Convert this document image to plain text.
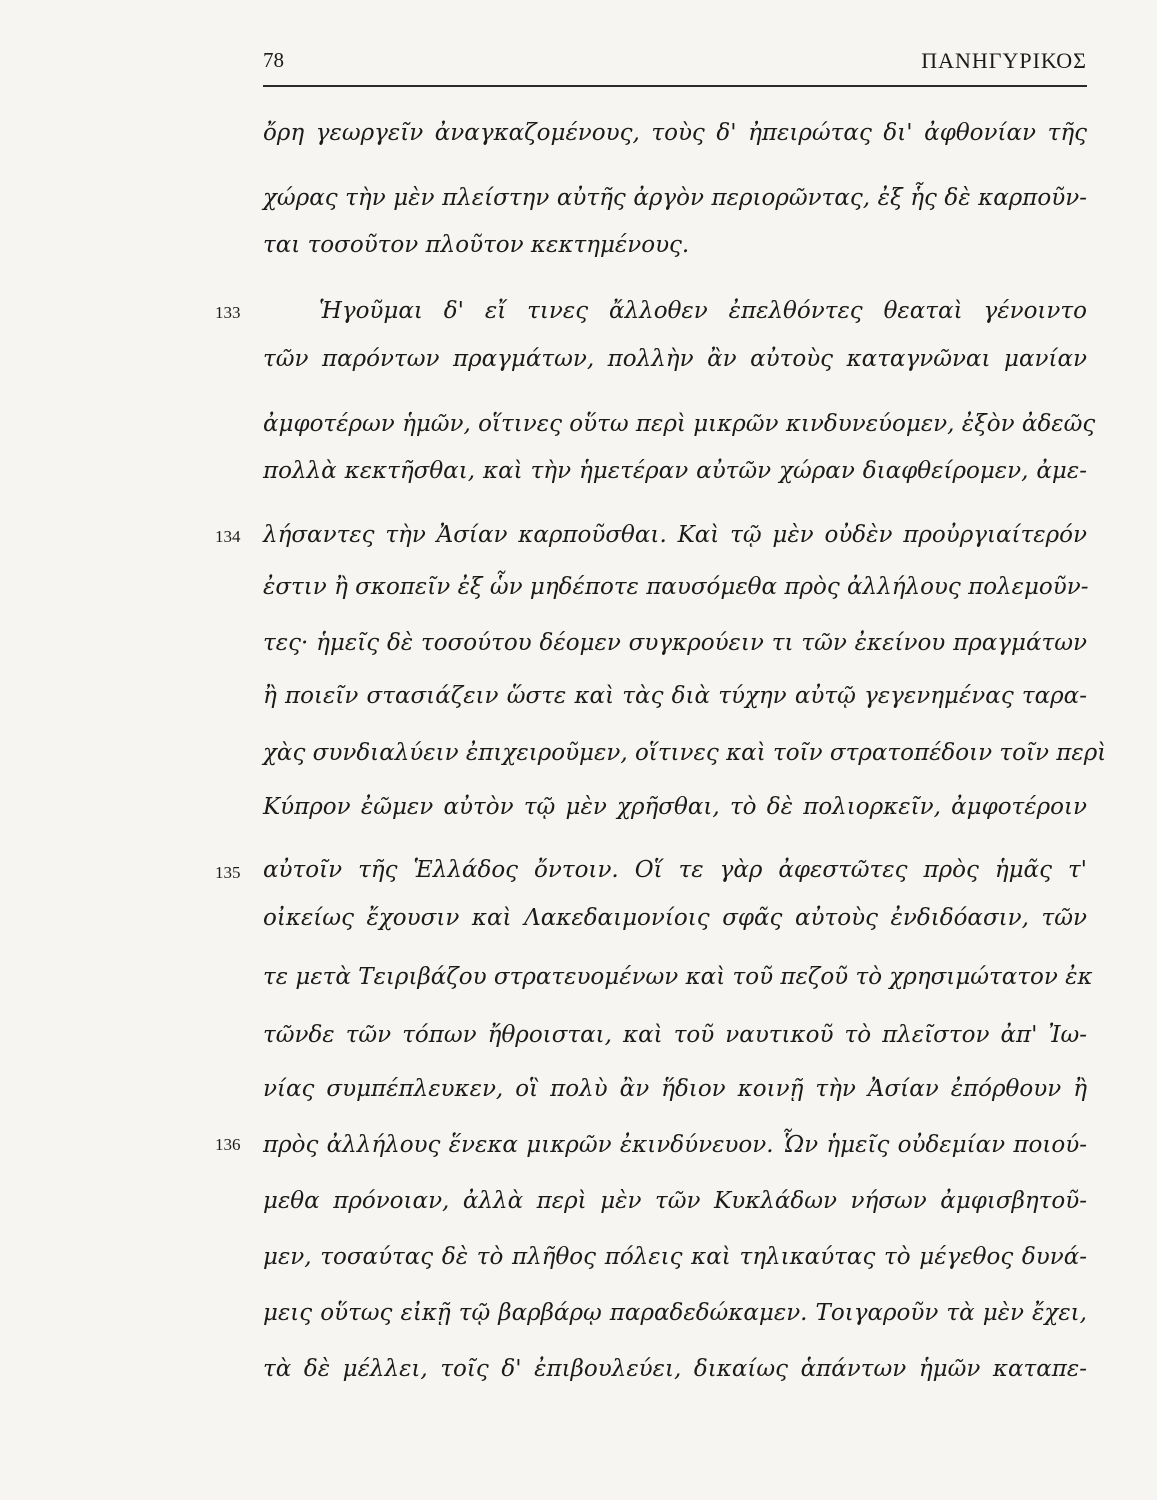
78	ΠΑΝΗΓΥΡΙΚΟΣ
133
134
135
136
ὄρη γεωργεῖν ἀναγκαζομένους, τοὺς δ' ἠπειρώτας δι' ἀφθονίαν τῆς
χώρας τὴν μὲν πλείστην αὐτῆς ἀργὸν περιορῶντας, ἐξ ἧς δὲ καρποῦν-
ται τοσοῦτον πλοῦτον κεκτημένους.
Ἡγοῦμαι δ' εἴ τινες ἄλλοθεν ἐπελθόντες θεαταὶ γένοιντο
τῶν παρόντων πραγμάτων, πολλὴν ἂν αὐτοὺς καταγνῶναι μανίαν
ἀμφοτέρων ἡμῶν, οἵτινες οὕτω περὶ μικρῶν κινδυνεύομεν, ἐξὸν ἀδεῶς
πολλὰ κεκτῆσθαι, καὶ τὴν ἡμετέραν αὐτῶν χώραν διαφθείρομεν, ἀμε-
λήσαντες τὴν Ἀσίαν καρποῦσθαι. Καὶ τῷ μὲν οὐδὲν προὐργιαίτερόν
ἐστιν ἢ σκοπεῖν ἐξ ὧν μηδέποτε παυσόμεθα πρὸς ἀλλήλους πολεμοῦν-
τες· ἡμεῖς δὲ τοσούτου δέομεν συγκρούειν τι τῶν ἐκείνου πραγμάτων
ἢ ποιεῖν στασιάζειν ὥστε καὶ τὰς διὰ τύχην αὐτῷ γεγενημένας ταρα-
χὰς συνδιαλύειν ἐπιχειροῦμεν, οἵτινες καὶ τοῖν στρατοπέδοιν τοῖν περὶ
Κύπρον ἐῶμεν αὐτὸν τῷ μὲν χρῆσθαι, τὸ δὲ πολιορκεῖν, ἀμφοτέροιν
αὐτοῖν τῆς Ἑλλάδος ὄντοιν. Οἵ τε γὰρ ἀφεστῶτες πρὸς ἡμᾶς τ'
οἰκείως ἔχουσιν καὶ Λακεδαιμονίοις σφᾶς αὐτοὺς ἐνδιδόασιν, τῶν
τε μετὰ Τειριβάζου στρατευομένων καὶ τοῦ πεζοῦ τὸ χρησιμώτατον ἐκ
τῶνδε τῶν τόπων ἤθροισται, καὶ τοῦ ναυτικοῦ τὸ πλεῖστον ἀπ' Ἰω-
νίας συμπέπλευκεν, οἳ πολὺ ἂν ἥδιον κοινῇ τὴν Ἀσίαν ἐπόρθουν ἢ
πρὸς ἀλλήλους ἕνεκα μικρῶν ἐκινδύνευον. Ὧν ἡμεῖς οὐδεμίαν ποιού-
μεθα πρόνοιαν, ἀλλὰ περὶ μὲν τῶν Κυκλάδων νήσων ἀμφισβητοῦ-
μεν, τοσαύτας δὲ τὸ πλῆθος πόλεις καὶ τηλικαύτας τὸ μέγεθος δυνά-
μεις οὕτως εἰκῇ τῷ βαρβάρῳ παραδεδώκαμεν. Τοιγαροῦν τὰ μὲν ἔχει,
τὰ δὲ μέλλει, τοῖς δ' ἐπιβουλεύει, δικαίως ἁπάντων ἡμῶν καταπε-
